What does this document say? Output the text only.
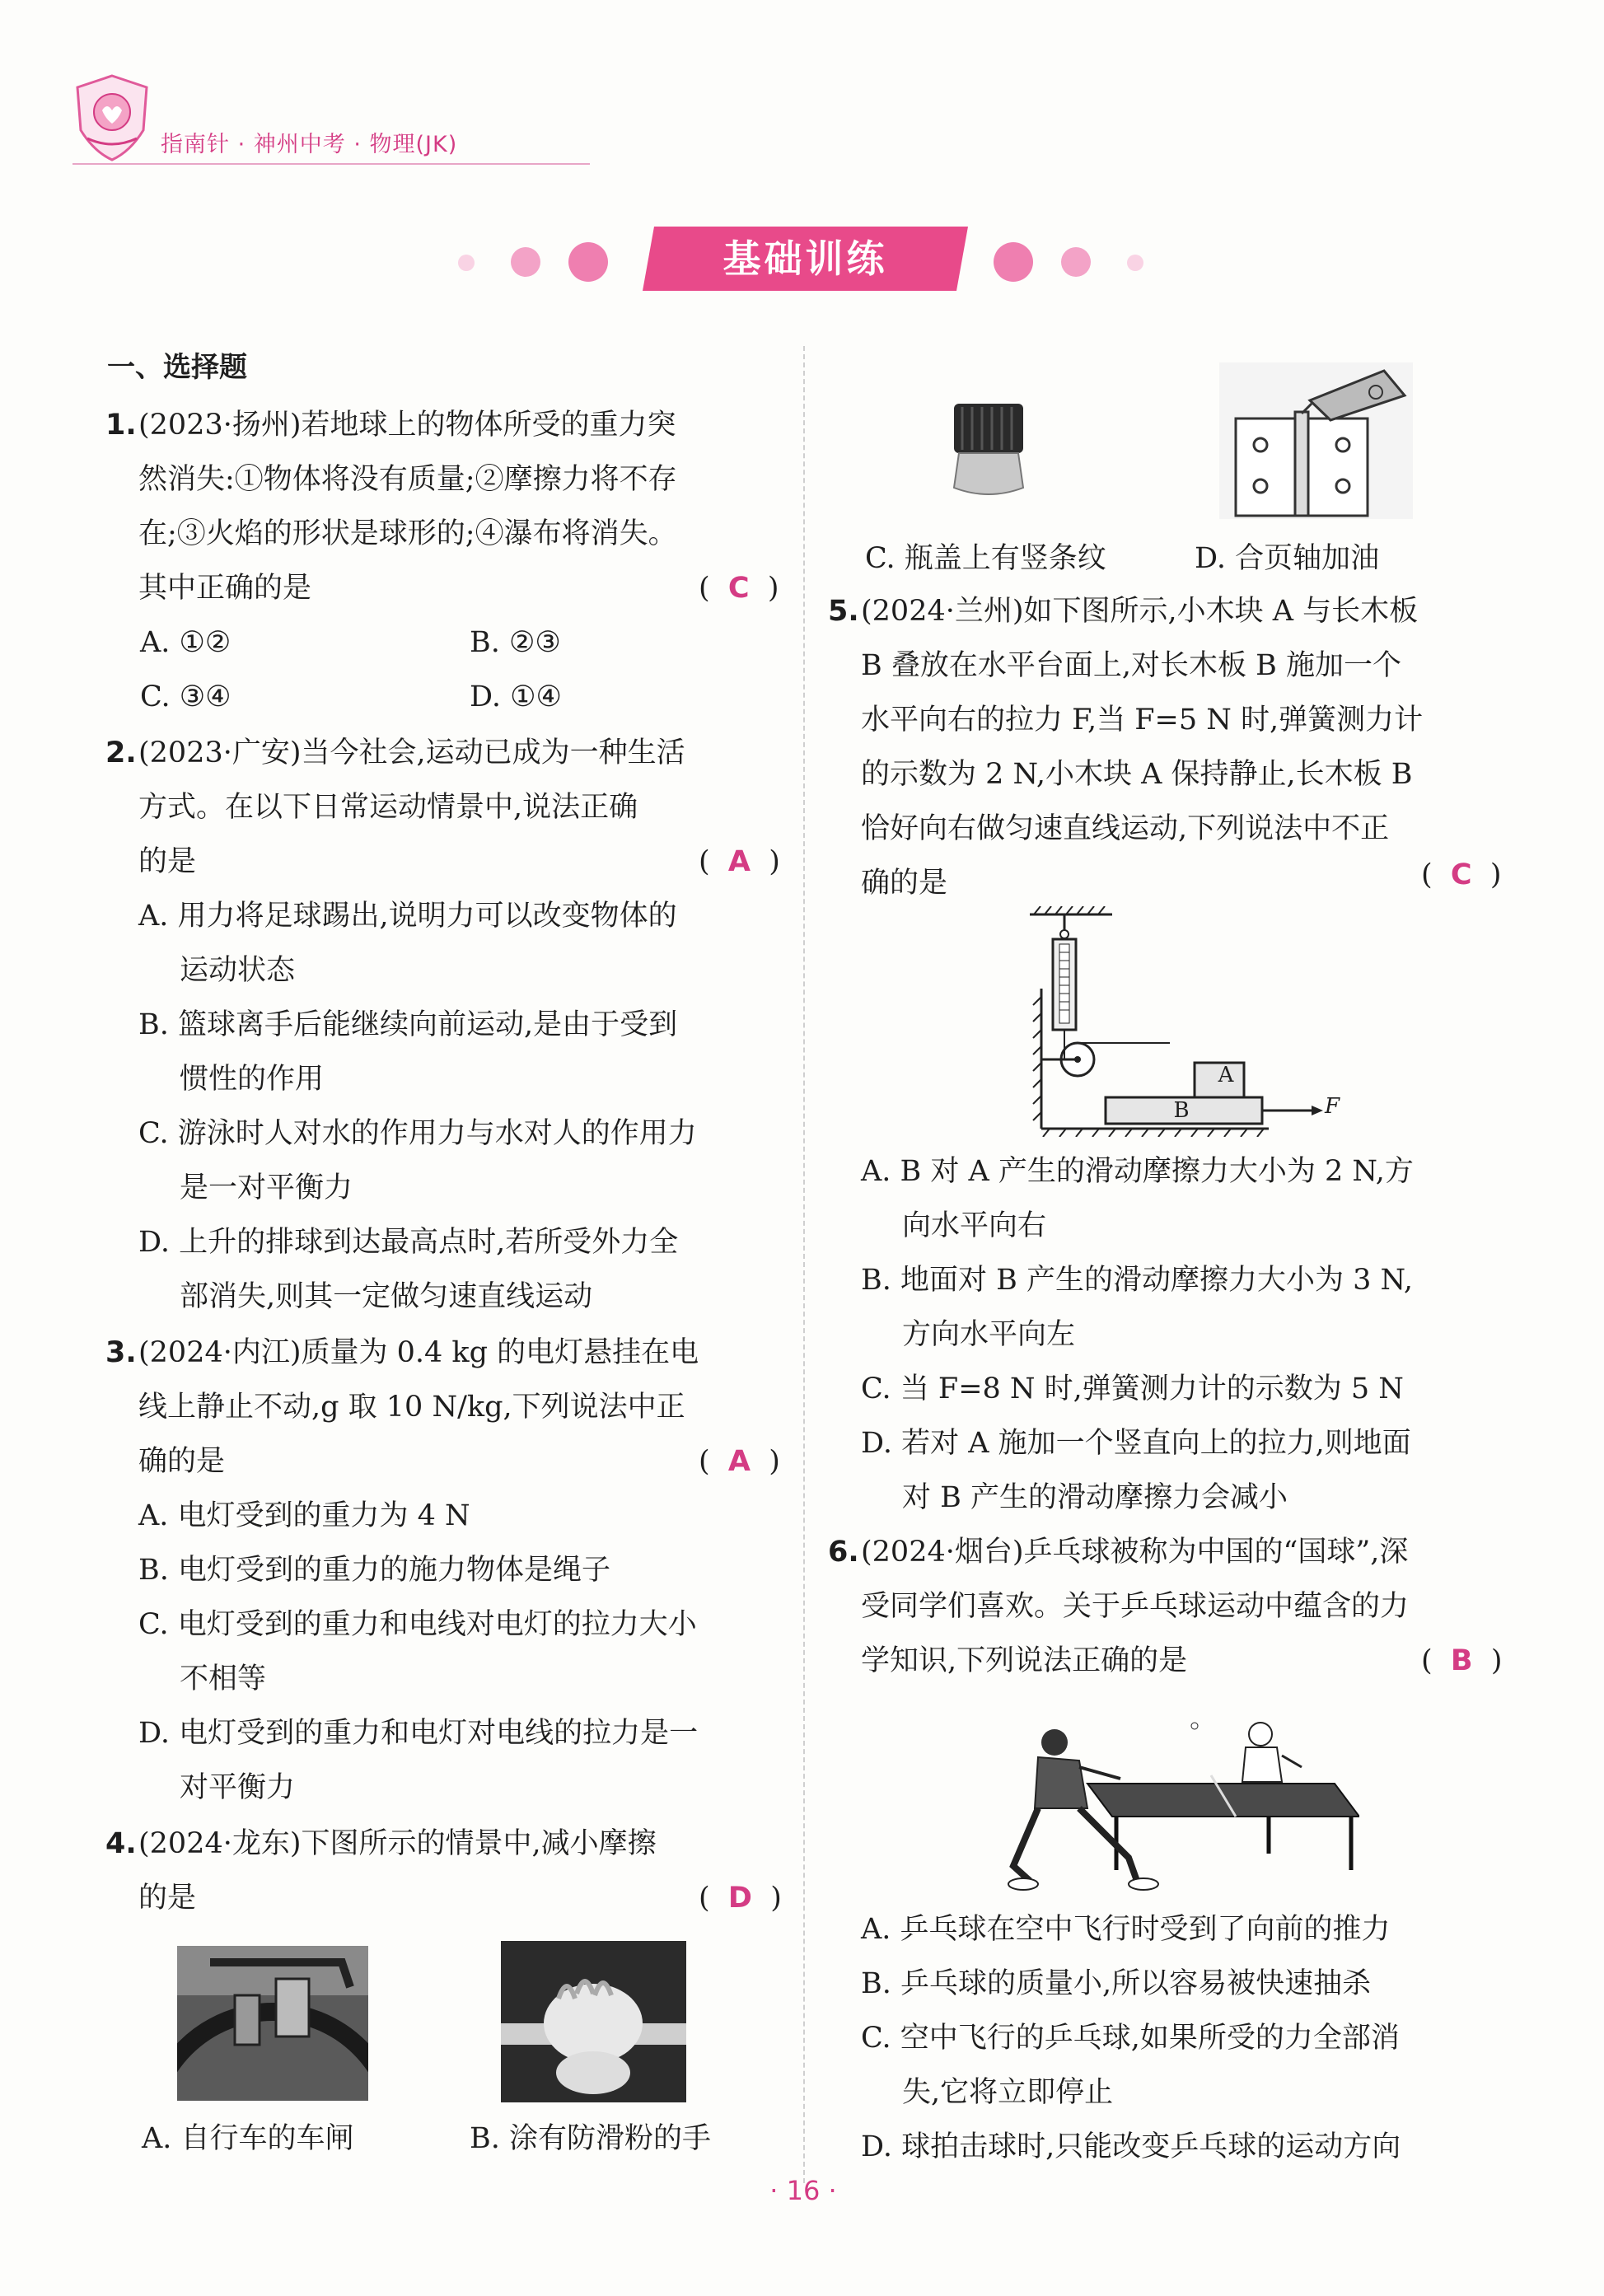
指南针 · 神州中考 · 物理(JK)
基础训练
一、选择题
1. (2023·扬州)若地球上的物体所受的重力突
然消失:①物体将没有质量;②摩擦力将不存
在;③火焰的形状是球形的;④瀑布将消失。
其中正确的是	(  C  )
A. ①②	B. ②③
C. ③④	D. ①④
2. (2023·广安)当今社会,运动已成为一种生活
方式。在以下日常运动情景中,说法正确
的是	(  A  )
A. 用力将足球踢出,说明力可以改变物体的
运动状态
B. 篮球离手后能继续向前运动,是由于受到
惯性的作用
C. 游泳时人对水的作用力与水对人的作用力
是一对平衡力
D. 上升的排球到达最高点时,若所受外力全
部消失,则其一定做匀速直线运动
3. (2024·内江)质量为 0.4 kg 的电灯悬挂在电
线上静止不动,g 取 10 N/kg,下列说法中正
确的是	(  A  )
A. 电灯受到的重力为 4 N
B. 电灯受到的重力的施力物体是绳子
C. 电灯受到的重力和电线对电灯的拉力大小
不相等
D. 电灯受到的重力和电灯对电线的拉力是一
对平衡力
4. (2024·龙东)下图所示的情景中,减小摩擦
的是	(  D  )
A. 自行车的车闸	B. 涂有防滑粉的手
C. 瓶盖上有竖条纹	D. 合页轴加油
5. (2024·兰州)如下图所示,小木块 A 与长木板
B 叠放在水平台面上,对长木板 B 施加一个
水平向右的拉力 F,当 F=5 N 时,弹簧测力计
的示数为 2 N,小木块 A 保持静止,长木板 B
恰好向右做匀速直线运动,下列说法中不正
确的是	(  C  )
A
B	F
A. B 对 A 产生的滑动摩擦力大小为 2 N,方
向水平向右
B. 地面对 B 产生的滑动摩擦力大小为 3 N,
方向水平向左
C. 当 F=8 N 时,弹簧测力计的示数为 5 N
D. 若对 A 施加一个竖直向上的拉力,则地面
对 B 产生的滑动摩擦力会减小
6. (2024·烟台)乒乓球被称为中国的“国球”,深
受同学们喜欢。关于乒乓球运动中蕴含的力
学知识,下列说法正确的是	(  B  )
A. 乒乓球在空中飞行时受到了向前的推力
B. 乒乓球的质量小,所以容易被快速抽杀
C. 空中飞行的乒乓球,如果所受的力全部消
失,它将立即停止
D. 球拍击球时,只能改变乒乓球的运动方向
· 16 ·
